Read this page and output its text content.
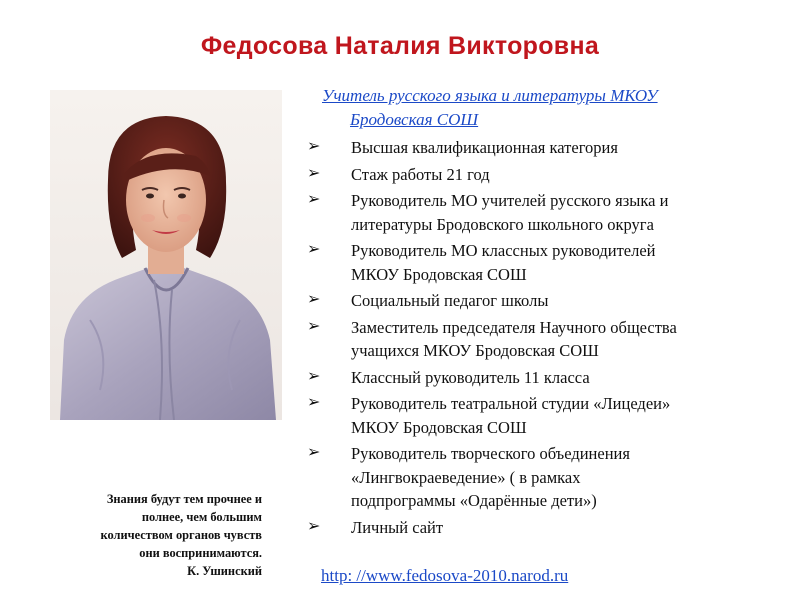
Федосова Наталия Викторовна
Учитель русского языка и литературы МКОУ
Бродовская СОШ
➢ Высшая квалификационная категория
➢ Стаж работы 21 год
➢ Руководитель МО учителей русского языка и
литературы Бродовского школьного округа
➢ Руководитель МО классных руководителей
МКОУ Бродовская СОШ
➢ Социальный педагог школы
➢ Заместитель председателя Научного общества
учащихся МКОУ Бродовская СОШ
➢ Классный руководитель 11 класса
➢ Руководитель театральной студии «Лицедеи»
МКОУ Бродовская СОШ
➢ Руководитель творческого объединения
«Лингвокраеведение» ( в рамках
подпрограммы «Одарённые дети»)
➢ Личный сайт
http: //www.fedosova-2010.narod.ru
Знания будут тем прочнее и
полнее, чем большим
количеством органов чувств
они воспринимаются.
К. Ушинский
